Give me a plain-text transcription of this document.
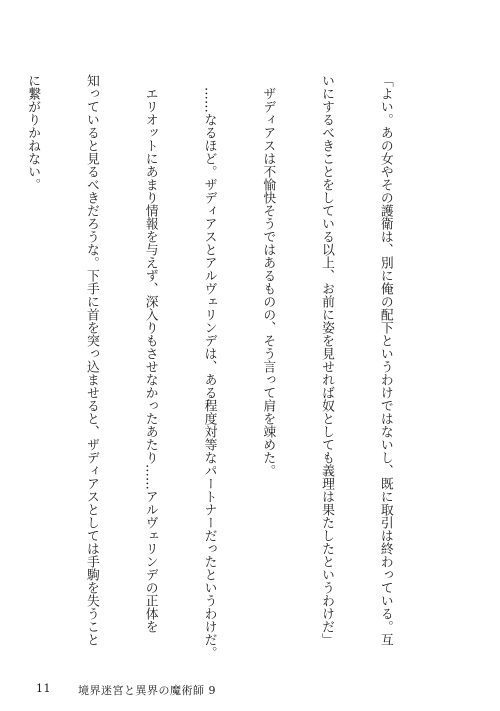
「よい。あの女やその護衛は、別に俺の配下というわけではないし、既に取引は終わっている。互

いにするべきことをしている以上、お前に姿を見せれば奴としても義理は果たしたというわけだ」

　ザディアスは不愉快そうではあるものの、そう言って肩を竦めた。

　……なるほど。ザディアスとアルヴェリンデは、ある程度対等なパートナーだったというわけだ。

　エリオットにあまり情報を与えず、深入りもさせなかったあたり……アルヴェリンデの正体を

知っていると見るべきだろうな。下手に首を突っ込ませると、ザディアスとしては手駒を失うこと

に繋がりかねない。

11 境界迷宮と異界の魔術師 9
